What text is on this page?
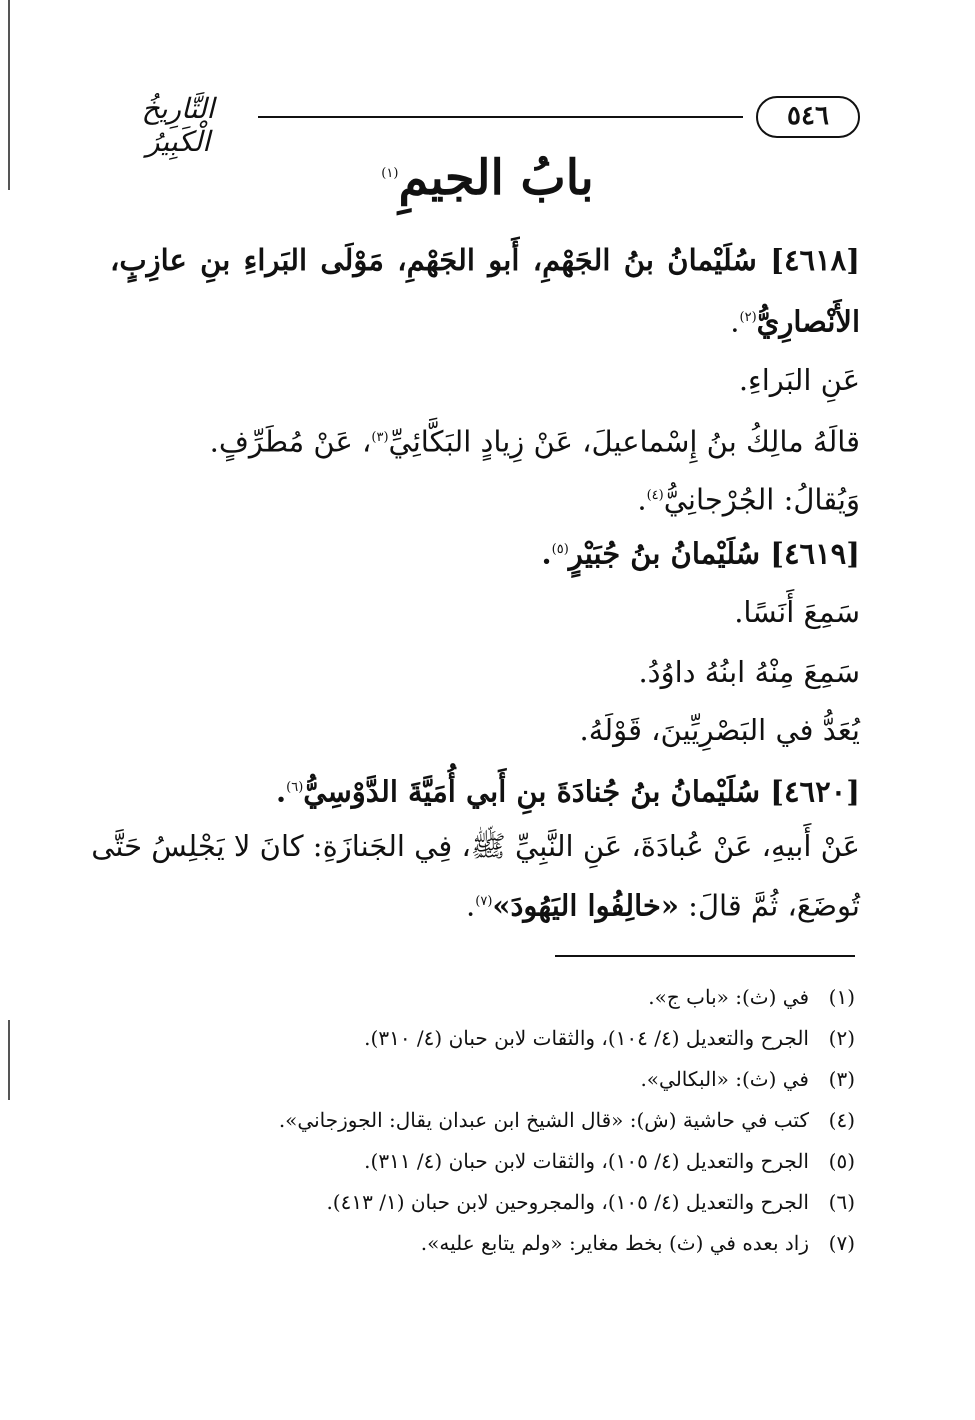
٥٤٦
التَّارِيخُ الْكَبِيرُ
بابُ الجيمِ$^{(١)}$
[٤٦١٨] سُلَيْمانُ بنُ الجَهْمِ، أَبو الجَهْمِ، مَوْلَى البَراءِ بنِ عازِبٍ،
الأَنْصارِيُّ$^{(٢)}$.
عَنِ البَراءِ.
قالَهُ مالِكُ بنُ إِسْماعيلَ، عَنْ زِيادٍ البَكَّائِيِّ$^{(٣)}$، عَنْ مُطَرِّفٍ.
وَيُقالُ: الجُرْجانِيُّ$^{(٤)}$.
[٤٦١٩] سُلَيْمانُ بنُ جُبَيْرٍ$^{(٥)}$.
سَمِعَ أَنَسًا.
سَمِعَ مِنْهُ ابنُهُ داوُدُ.
يُعَدُّ في البَصْرِيِّينَ، قَوْلَهُ.
[٤٦٢٠] سُلَيْمانُ بنُ جُنادَةَ بنِ أَبي أُمَيَّةَ الدَّوْسِيُّ$^{(٦)}$.
عَنْ أَبيهِ، عَنْ عُبادَةَ، عَنِ النَّبِيِّ ﷺ، فِي الجَنازَةِ: كانَ لا يَجْلِسُ حَتَّى
تُوضَعَ، ثُمَّ قالَ: «خالِفُوا اليَهُودَ»$^{(٧)}$.
(١)في (ث): «باب ج».
(٢)الجرح والتعديل (٤/ ١٠٤)، والثقات لابن حبان (٤/ ٣١٠).
(٣)في (ث): «البكالي».
(٤)كتب في حاشية (ش): «قال الشيخ ابن عبدان يقال: الجوزجاني».
(٥)الجرح والتعديل (٤/ ١٠٥)، والثقات لابن حبان (٤/ ٣١١).
(٦)الجرح والتعديل (٤/ ١٠٥)، والمجروحين لابن حبان (١/ ٤١٣).
(٧)زاد بعده في (ث) بخط مغاير: «ولم يتابع عليه».
